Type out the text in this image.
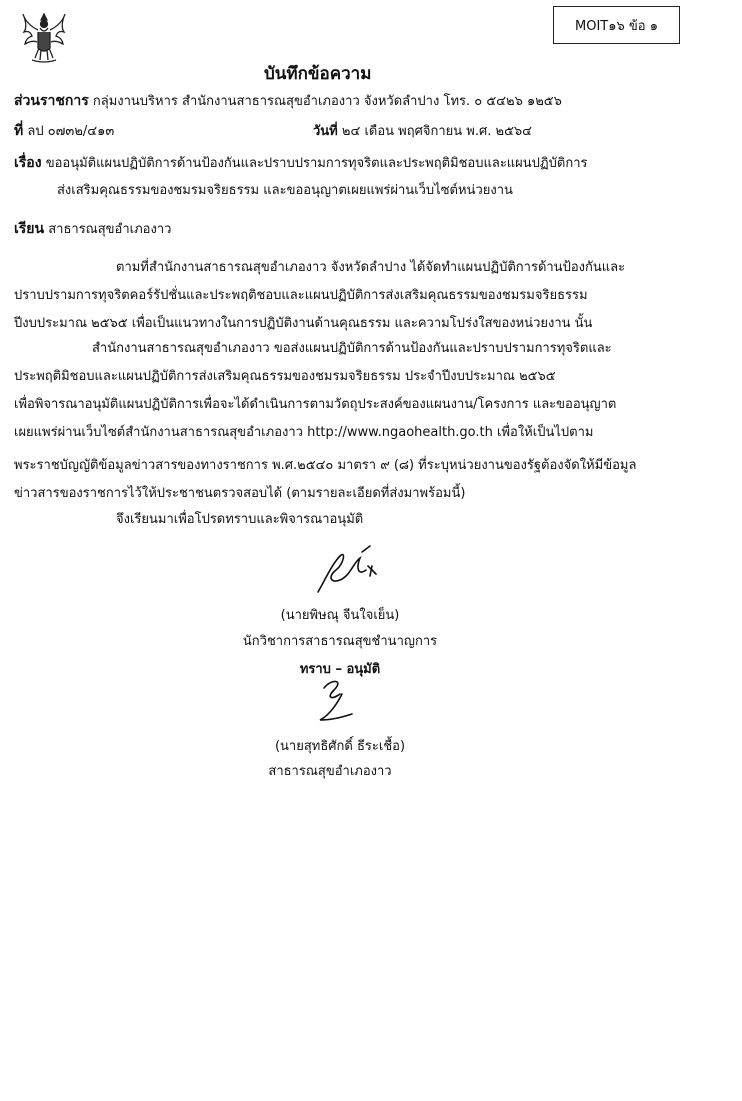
MOIT๑๖ ข้อ ๑
บันทึกข้อความ
ส่วนราชการ กลุ่มงานบริหาร สำนักงานสาธารณสุขอำเภองาว จังหวัดลำปาง โทร. ๐ ๕๔๒๖ ๑๒๕๖
ที่ ลป ๐๗๓๒/๔๑๓	วันที่ ๒๔ เดือน พฤศจิกายน พ.ศ. ๒๕๖๔
เรื่อง ขออนุมัติแผนปฏิบัติการด้านป้องกันและปราบปรามการทุจริตและประพฤติมิชอบและแผนปฏิบัติการ
ส่งเสริมคุณธรรมของชมรมจริยธรรม และขออนุญาตเผยแพร่ผ่านเว็บไซต์หน่วยงาน
เรียน สาธารณสุขอำเภองาว
ตามที่สำนักงานสาธารณสุขอำเภองาว จังหวัดลำปาง ได้จัดทำแผนปฏิบัติการด้านป้องกันและ
ปราบปรามการทุจริตคอร์รัปชั่นและประพฤติชอบและแผนปฏิบัติการส่งเสริมคุณธรรมของชมรมจริยธรรม
ปีงบประมาณ ๒๕๖๕ เพื่อเป็นแนวทางในการปฏิบัติงานด้านคุณธรรม และความโปร่งใสของหน่วยงาน นั้น
สำนักงานสาธารณสุขอำเภองาว ขอส่งแผนปฏิบัติการด้านป้องกันและปราบปรามการทุจริตและ
ประพฤติมิชอบและแผนปฏิบัติการส่งเสริมคุณธรรมของชมรมจริยธรรม ประจำปีงบประมาณ ๒๕๖๕
เพื่อพิจารณาอนุมัติแผนปฏิบัติการเพื่อจะได้ดำเนินการตามวัตถุประสงค์ของแผนงาน/โครงการ และขออนุญาต
เผยแพร่ผ่านเว็บไซต์สำนักงานสาธารณสุขอำเภองาว http://www.ngaohealth.go.th เพื่อให้เป็นไปตาม
พระราชบัญญัติข้อมูลข่าวสารของทางราชการ พ.ศ.๒๕๔๐ มาตรา ๙ (๘) ที่ระบุหน่วยงานของรัฐต้องจัดให้มีข้อมูล
ข่าวสารของราชการไว้ให้ประชาชนตรวจสอบได้ (ตามรายละเอียดที่ส่งมาพร้อมนี้)
จึงเรียนมาเพื่อโปรดทราบและพิจารณาอนุมัติ
(นายพิษณุ จีนใจเย็น)
นักวิชาการสาธารณสุขชำนาญการ
ทราบ – อนุมัติ
(นายสุทธิศักดิ์ ธีระเชื้อ)
สาธารณสุขอำเภองาว
